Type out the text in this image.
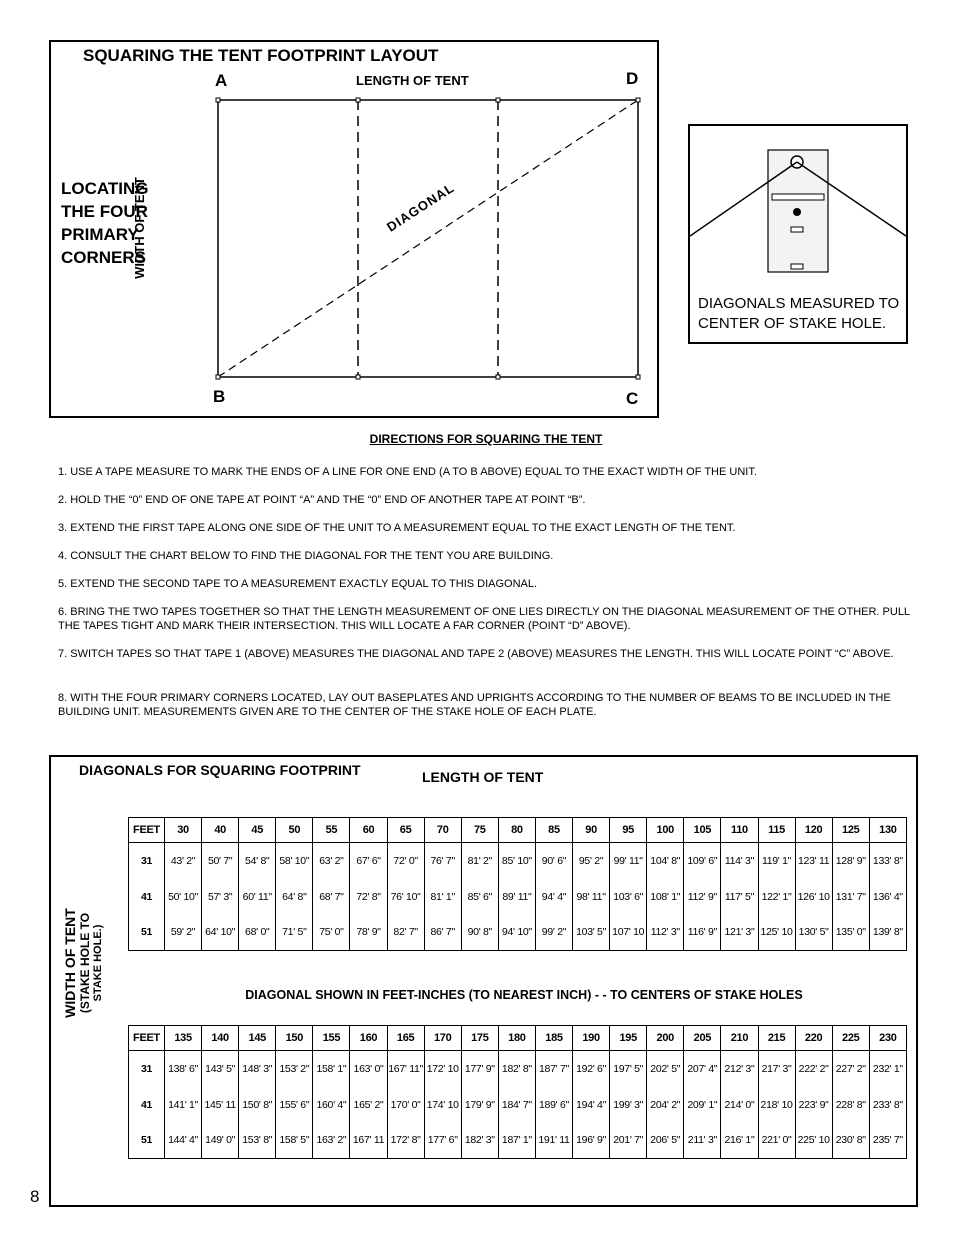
SQUARING THE TENT FOOTPRINT LAYOUT
LENGTH OF TENT
A	D
B	C
LOCATING
THE FOUR
PRIMARY
CORNERS
WIDTH OF TENT	DIAGONAL
DIAGONALS MEASURED TO
CENTER OF STAKE HOLE.
DIRECTIONS FOR SQUARING THE TENT
1. USE A TAPE MEASURE TO MARK THE ENDS OF A LINE FOR ONE END (A TO B ABOVE) EQUAL TO THE EXACT WIDTH OF THE UNIT.
2. HOLD THE “0” END OF ONE TAPE AT POINT “A” AND THE “0” END OF ANOTHER TAPE AT POINT “B”.
3. EXTEND THE FIRST TAPE ALONG ONE SIDE OF THE UNIT TO A MEASUREMENT EQUAL TO THE EXACT LENGTH OF THE TENT.
4. CONSULT THE CHART BELOW TO FIND THE DIAGONAL FOR THE TENT YOU ARE BUILDING.
5. EXTEND THE SECOND TAPE TO A MEASUREMENT EXACTLY EQUAL TO THIS DIAGONAL.
6. BRING THE TWO TAPES TOGETHER SO THAT THE LENGTH MEASUREMENT OF ONE LIES DIRECTLY ON THE DIAGONAL MEASUREMENT OF THE OTHER. PULL THE TAPES TIGHT AND MARK THEIR INTERSECTION. THIS WILL LOCATE A FAR CORNER (POINT “D” ABOVE).
7. SWITCH TAPES SO THAT TAPE 1 (ABOVE) MEASURES THE DIAGONAL AND TAPE 2 (ABOVE) MEASURES THE LENGTH. THIS WILL LOCATE POINT “C” ABOVE.
8. WITH THE FOUR PRIMARY CORNERS LOCATED, LAY OUT BASEPLATES AND UPRIGHTS ACCORDING TO THE NUMBER OF BEAMS TO BE INCLUDED IN THE BUILDING UNIT. MEASUREMENTS GIVEN ARE TO THE CENTER OF THE STAKE HOLE OF EACH PLATE.
DIAGONALS FOR SQUARING FOOTPRINT	LENGTH OF TENT
DIAGONAL SHOWN IN FEET-INCHES (TO NEAREST INCH) - - TO CENTERS OF STAKE HOLES
WIDTH OF TENT (STAKE HOLE TO STAKE HOLE.)
FEET	30	40	45	50	55	60	65	70	75	80	85	90	95	100	105	110	115	120	125	130
31	43' 2"	50' 7"	54' 8"	58' 10"	63' 2"	67' 6"	72' 0"	76' 7"	81' 2"	85' 10"	90' 6"	95' 2"	99' 11"	104' 8"	109' 6"	114' 3"	119' 1"	123' 11	128' 9"	133' 8"
41	50' 10"	57' 3"	60' 11"	64' 8"	68' 7"	72' 8"	76' 10"	81' 1"	85' 6"	89' 11"	94' 4"	98' 11"	103' 6"	108' 1"	112' 9"	117' 5"	122' 1"	126' 10	131' 7"	136' 4"
51	59' 2"	64' 10"	68' 0"	71' 5"	75' 0"	78' 9"	82' 7"	86' 7"	90' 8"	94' 10"	99' 2"	103' 5"	107' 10	112' 3"	116' 9"	121' 3"	125' 10	130' 5"	135' 0"	139' 8"
FEET	135	140	145	150	155	160	165	170	175	180	185	190	195	200	205	210	215	220	225	230
31	138' 6"	143' 5"	148' 3"	153' 2"	158' 1"	163' 0"	167' 11"	172' 10	177' 9"	182' 8"	187' 7"	192' 6"	197' 5"	202' 5"	207' 4"	212' 3"	217' 3"	222' 2"	227' 2"	232' 1"
41	141' 1"	145' 11	150' 8"	155' 6"	160' 4"	165' 2"	170' 0"	174' 10	179' 9"	184' 7"	189' 6"	194' 4"	199' 3"	204' 2"	209' 1"	214' 0"	218' 10	223' 9"	228' 8"	233' 8"
51	144' 4"	149' 0"	153' 8"	158' 5"	163' 2"	167' 11	172' 8"	177' 6"	182' 3"	187' 1"	191' 11	196' 9"	201' 7"	206' 5"	211' 3"	216' 1"	221' 0"	225' 10	230' 8"	235' 7"
8
